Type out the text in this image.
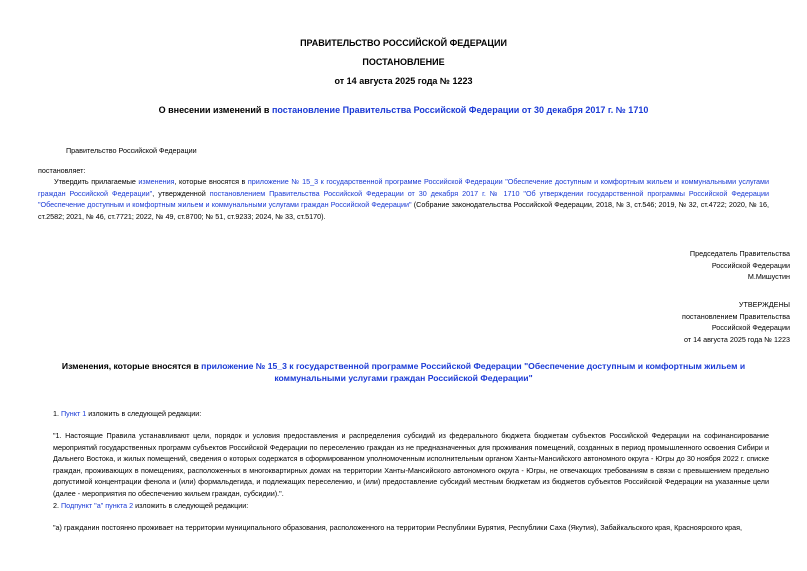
ПРАВИТЕЛЬСТВО РОССИЙСКОЙ ФЕДЕРАЦИИ
ПОСТАНОВЛЕНИЕ
от 14 августа 2025 года № 1223
О внесении изменений в постановление Правительства Российской Федерации от 30 декабря 2017 г. № 1710
Правительство Российской Федерации
постановляет:
Утвердить прилагаемые изменения, которые вносятся в приложение № 15_3 к государственной программе Российской Федерации "Обеспечение доступным и комфортным жильем и коммунальными услугами граждан Российской Федерации", утвержденной постановлением Правительства Российской Федерации от 30 декабря 2017 г. № 1710 "Об утверждении государственной программы Российской Федерации "Обеспечение доступным и комфортным жильем и коммунальными услугами граждан Российской Федерации" (Собрание законодательства Российской Федерации, 2018, № 3, ст.546; 2019, № 32, ст.4722; 2020, № 16, ст.2582; 2021, № 46, ст.7721; 2022, № 49, ст.8700; № 51, ст.9233; 2024, № 33, ст.5170).
Председатель Правительства
Российской Федерации
М.Мишустин
УТВЕРЖДЕНЫ
постановлением Правительства
Российской Федерации
от 14 августа 2025 года № 1223
Изменения, которые вносятся в приложение № 15_3 к государственной программе Российской Федерации "Обеспечение доступным и комфортным жильем и коммунальными услугами граждан Российской Федерации"
1. Пункт 1 изложить в следующей редакции:
"1. Настоящие Правила устанавливают цели, порядок и условия предоставления и распределения субсидий из федерального бюджета бюджетам субъектов Российской Федерации на софинансирование мероприятий государственных программ субъектов Российской Федерации по переселению граждан из не предназначенных для проживания помещений, созданных в период промышленного освоения Сибири и Дальнего Востока, и жилых помещений, сведения о которых содержатся в сформированном уполномоченным исполнительным органом Ханты-Мансийского автономного округа - Югры до 30 ноября 2022 г. списке граждан, проживающих в помещениях, расположенных в многоквартирных домах на территории Ханты-Мансийского автономного округа - Югры, не отвечающих требованиям в связи с превышением предельно допустимой концентрации фенола и (или) формальдегида, и подлежащих переселению, и (или) предоставление субсидий местным бюджетам из бюджетов субъектов Российской Федерации на указанные цели (далее - мероприятия по обеспечению жильем граждан, субсидии).".
2. Подпункт "а" пункта 2 изложить в следующей редакции:
"а) гражданин постоянно проживает на территории муниципального образования, расположенного на территории Республики Бурятия, Республики Саха (Якутия), Забайкальского края, Красноярского края,
